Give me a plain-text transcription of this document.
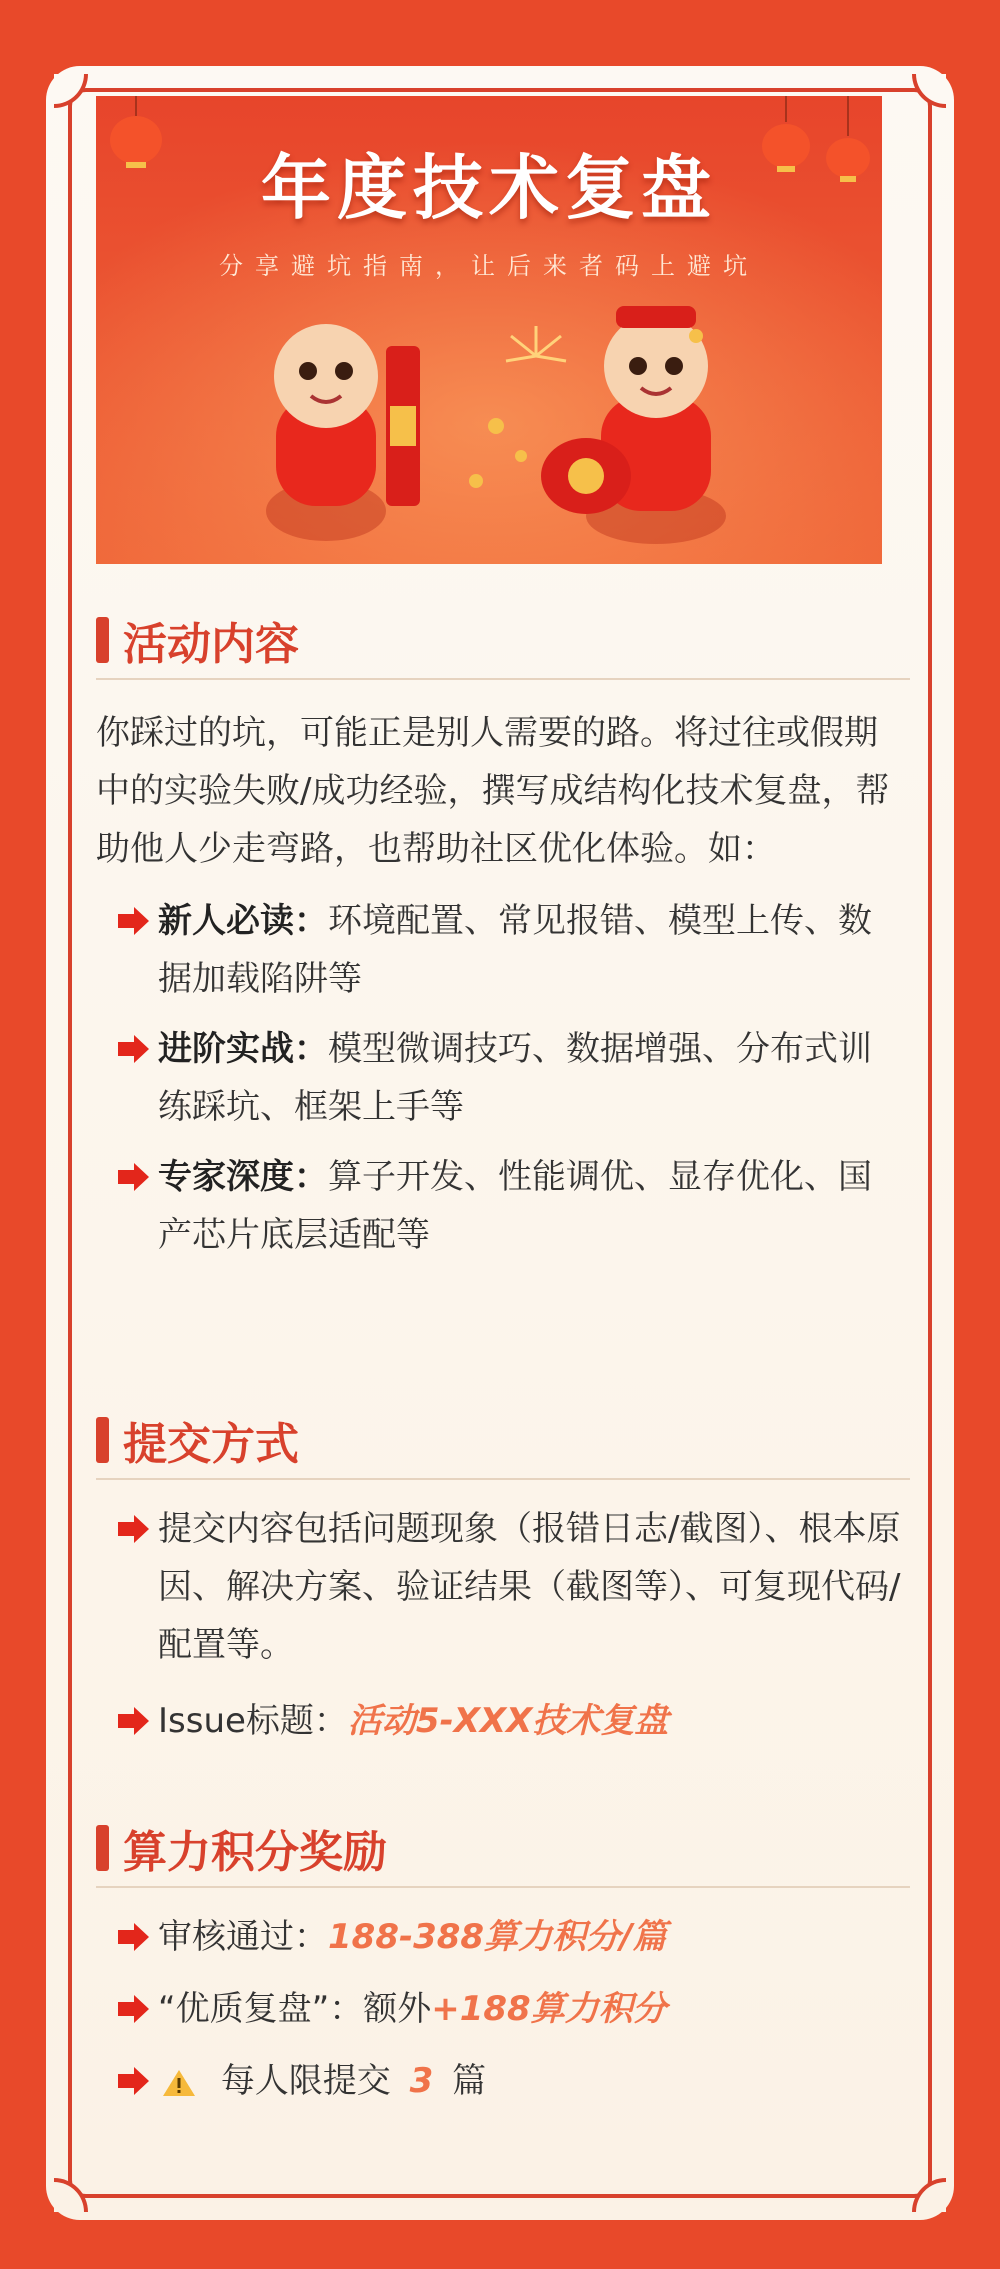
年度技术复盘
分享避坑指南，让后来者码上避坑
活动内容
你踩过的坑，可能正是别人需要的路。将过往或假期中的实验失败/成功经验，撰写成结构化技术复盘，帮助他人少走弯路，也帮助社区优化体验。如：
新人必读：环境配置、常见报错、模型上传、数据加载陷阱等
进阶实战：模型微调技巧、数据增强、分布式训练踩坑、框架上手等
专家深度：算子开发、性能调优、显存优化、国产芯片底层适配等
提交方式
提交内容包括问题现象（报错日志/截图）、根本原因、解决方案、验证结果（截图等）、可复现代码/配置等。
Issue标题：活动5-XXX技术复盘
算力积分奖励
审核通过：188-388算力积分/篇
“优质复盘”：额外+188算力积分
每人限提交 3 篇
